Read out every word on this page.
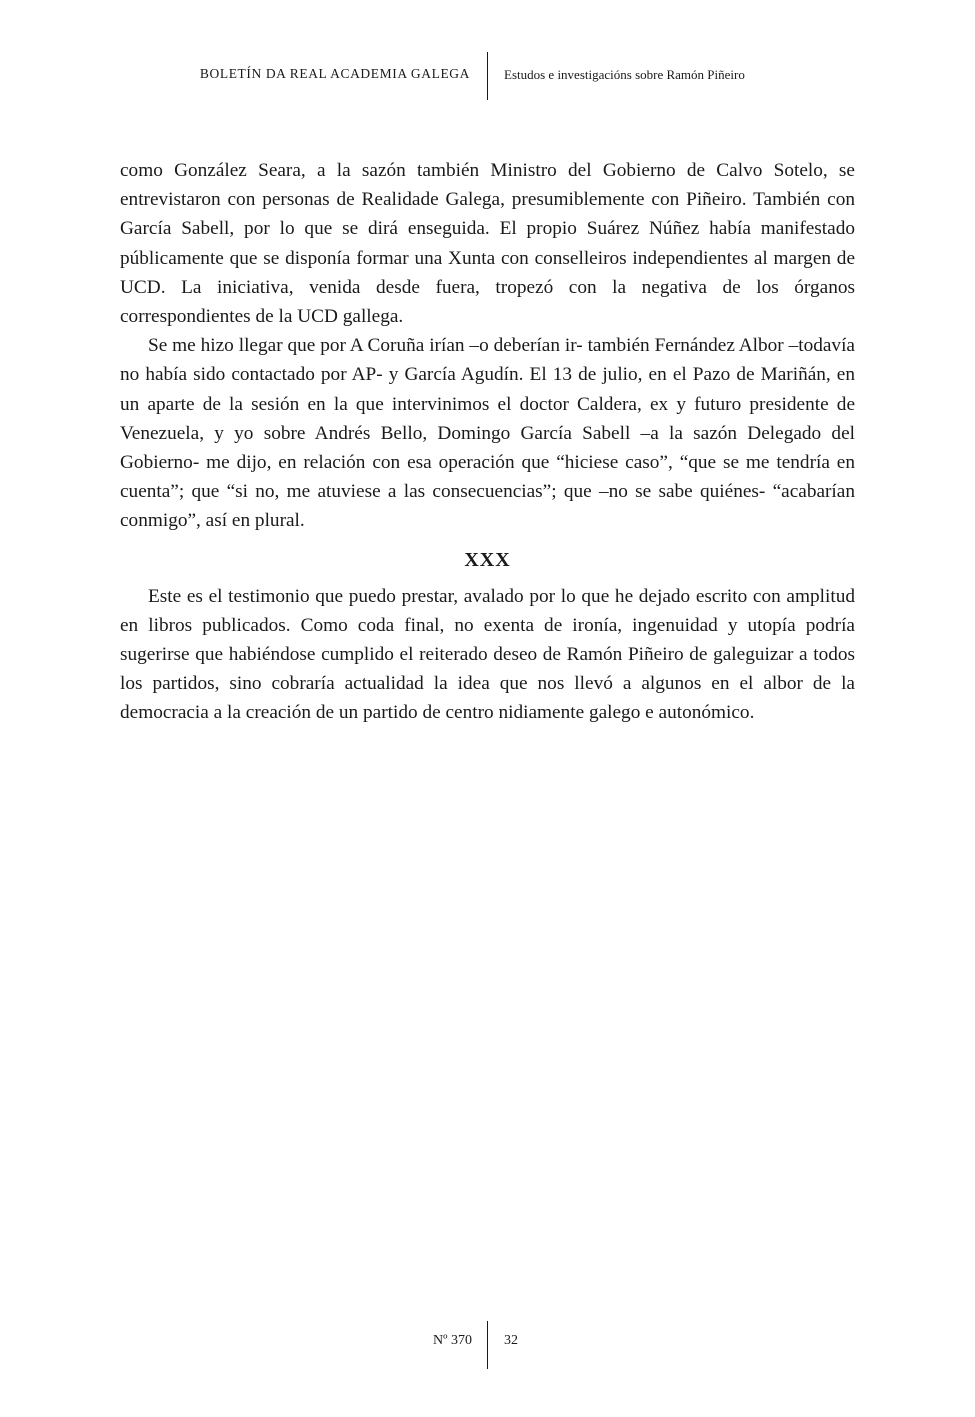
BOLETÍN DA REAL ACADEMIA GALEGA	Estudos e investigacións sobre Ramón Piñeiro

como González Seara, a la sazón también Ministro del Gobierno de Calvo Sotelo, se entrevistaron con personas de Realidade Galega, presumiblemente con Piñeiro. También con García Sabell, por lo que se dirá enseguida. El propio Suárez Núñez había manifestado públicamente que se disponía formar una Xunta con conselleiros independientes al margen de UCD. La iniciativa, venida desde fuera, tropezó con la negativa de los órganos correspondientes de la UCD gallega.

Se me hizo llegar que por A Coruña irían –o deberían ir- también Fernández Albor –todavía no había sido contactado por AP- y García Agudín. El 13 de julio, en el Pazo de Mariñán, en un aparte de la sesión en la que intervinimos el doctor Caldera, ex y futuro presidente de Venezuela, y yo sobre Andrés Bello, Domingo García Sabell –a la sazón Delegado del Gobierno- me dijo, en relación con esa operación que “hiciese caso”, “que se me tendría en cuenta”; que “si no, me atuviese a las consecuencias”; que –no se sabe quiénes- “acabarían conmigo”, así en plural.

XXX

Este es el testimonio que puedo prestar, avalado por lo que he dejado escrito con amplitud en libros publicados. Como coda final, no exenta de ironía, ingenuidad y utopía podría sugerirse que habiéndose cumplido el reiterado deseo de Ramón Piñeiro de galeguizar a todos los partidos, sino cobraría actualidad la idea que nos llevó a algunos en el albor de la democracia a la creación de un partido de centro nidiamente galego e autonómico.

Nº 370 32
